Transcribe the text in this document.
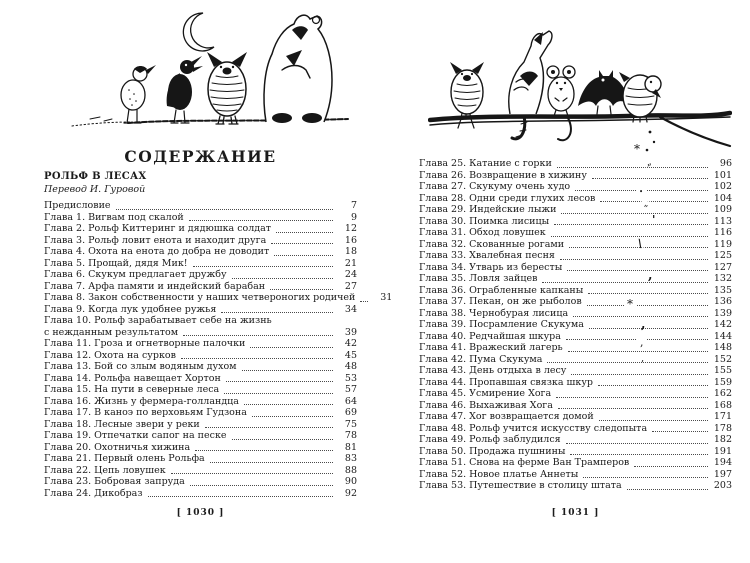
СОДЕРЖАНИЕ
РОЛЬФ В ЛЕСАХ
Перевод И. Гуровой
Предисловие	7
Глава 1. Вигвам под скалой	9
Глава 2. Рольф Киттеринг и дядюшка солдат	12
Глава 3. Рольф ловит енота и находит друга	16
Глава 4. Охота на енота до добра не доводит	18
Глава 5. Прощай, дядя Мик!	21
Глава 6. Скукум предлагает дружбу	24
Глава 7. Арфа памяти и индейский барабан	27
Глава 8. Закон собственности у наших четвероногих родичей	31
Глава 9. Когда лук удобнее ружья	34
Глава 10. Рольф зарабатывает себе на жизнь
с нежданным результатом	39
Глава 11. Гроза и огнетворные палочки	42
Глава 12. Охота на сурков	45
Глава 13. Бой со злым водяным духом	48
Глава 14. Рольфа навещает Хортон	53
Глава 15. На пути в северные леса	57
Глава 16. Жизнь у фермера-голландца	64
Глава 17. В каноэ по верховьям Гудзона	69
Глава 18. Лесные звери у реки	75
Глава 19. Отпечатки сапог на песке	78
Глава 20. Охотничья хижина	81
Глава 21. Первый олень Рольфа	83
Глава 22. Цепь ловушек	88
Глава 23. Бобровая запруда	90
Глава 24. Дикобраз	92
[ 1030 ]
Глава 25. Катание с горки	96
Глава 26. Возвращение в хижину	101
Глава 27. Скукуму очень худо	102
Глава 28. Одни среди глухих лесов	104
Глава 29. Индейские лыжи	109
Глава 30. Поимка лисицы	113
Глава 31. Обход ловушек	116
Глава 32. Скованные рогами	119
Глава 33. Хвалебная песня	125
Глава 34. Утварь из бересты	127
Глава 35. Ловля зайцев	132
Глава 36. Ограбленные капканы	135
Глава 37. Пекан, он же рыболов	136
Глава 38. Чернобурая лисица	139
Глава 39. Посрамление Скукума	142
Глава 40. Редчайшая шкура	144
Глава 41. Вражеский лагерь	148
Глава 42. Пума Скукума	152
Глава 43. День отдыха в лесу	155
Глава 44. Пропавшая связка шкур	159
Глава 45. Усмирение Хога	162
Глава 46. Выхаживая Хога	168
Глава 47. Хог возвращается домой	171
Глава 48. Рольф учится искусству следопыта	178
Глава 49. Рольф заблудился	182
Глава 50. Продажа пушнины	191
Глава 51. Снова на ферме Ван Трамперов	194
Глава 52. Новое платье Аннеты	197
Глава 53. Путешествие в столицу штата	203
[ 1031 ]
*
„
•
„
'
\
,
*
,
,
,
